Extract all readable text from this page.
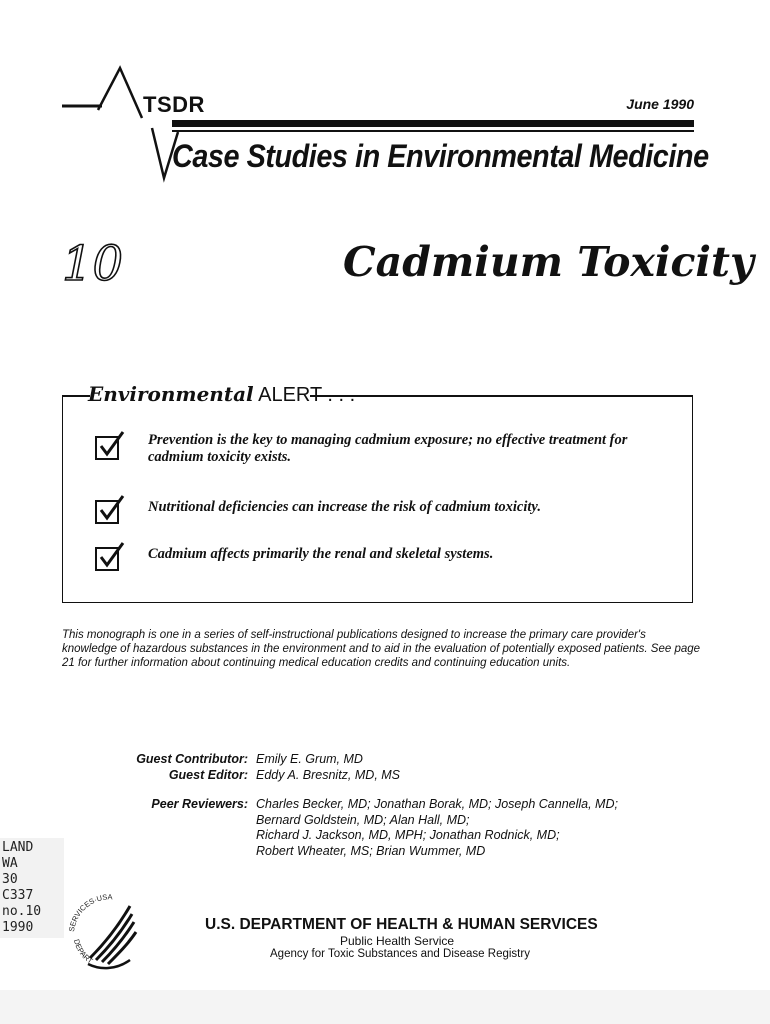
TSDR	June 1990
Case Studies in Environmental Medicine
10	Cadmium Toxicity
Environmental ALERT . . .
Prevention is the key to managing cadmium exposure; no effective treatment for cadmium toxicity exists.
Nutritional deficiencies can increase the risk of cadmium toxicity.
Cadmium affects primarily the renal and skeletal systems.
This monograph is one in a series of self-instructional publications designed to increase the primary care provider's knowledge of hazardous substances in the environment and to aid in the evaluation of potentially exposed patients. See page 21 for further information about continuing medical education credits and continuing education units.
Guest Contributor: Emily E. Grum, MD
Guest Editor: Eddy A. Bresnitz, MD, MS
Peer Reviewers: Charles Becker, MD; Jonathan Borak, MD; Joseph Cannella, MD;
Bernard Goldstein, MD; Alan Hall, MD;
Richard J. Jackson, MD, MPH; Jonathan Rodnick, MD;
Robert Wheater, MS; Brian Wummer, MD
LAND
WA
30
C337
no.10
1990	SERVICES·USA
DEPART
U.S. DEPARTMENT OF HEALTH & HUMAN SERVICES
Public Health Service
Agency for Toxic Substances and Disease Registry
